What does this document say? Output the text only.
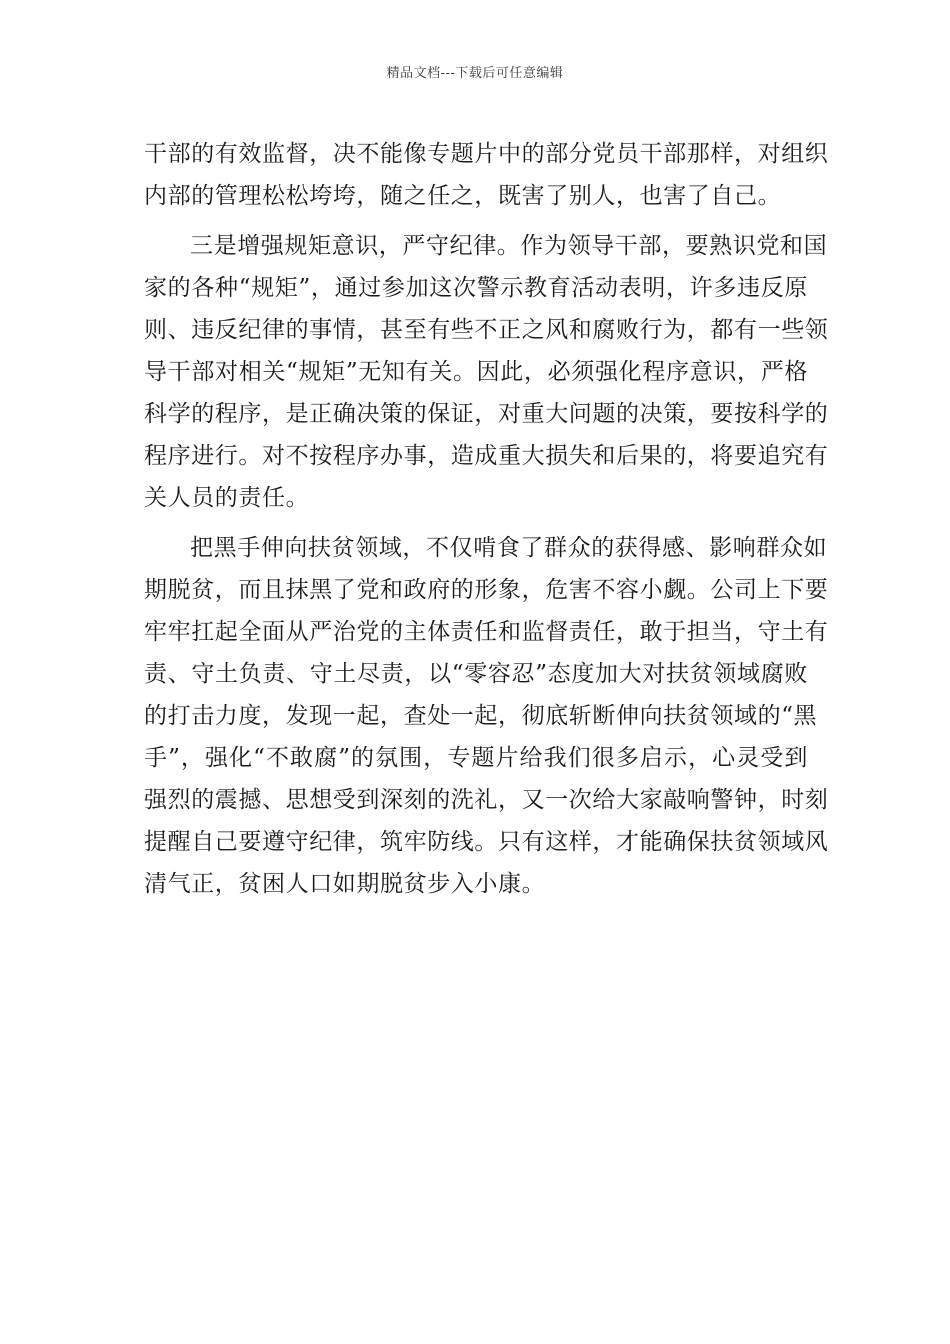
精品文档---下载后可任意编辑
干部的有效监督，决不能像专题片中的部分党员干部那样，对组织
内部的管理松松垮垮，随之任之，既害了别人，也害了自己。
三是增强规矩意识，严守纪律。作为领导干部，要熟识党和国
家的各种“规矩”，通过参加这次警示教育活动表明，许多违反原
则、违反纪律的事情，甚至有些不正之风和腐败行为，都有一些领
导干部对相关“规矩”无知有关。因此，必须强化程序意识，严格
科学的程序，是正确决策的保证，对重大问题的决策，要按科学的
程序进行。对不按程序办事，造成重大损失和后果的，将要追究有
关人员的责任。
把黑手伸向扶贫领域，不仅啃食了群众的获得感、影响群众如
期脱贫，而且抹黑了党和政府的形象，危害不容小觑。公司上下要
牢牢扛起全面从严治党的主体责任和监督责任，敢于担当，守土有
责、守土负责、守土尽责，以“零容忍”态度加大对扶贫领域腐败
的打击力度，发现一起，查处一起，彻底斩断伸向扶贫领域的“黑
手”，强化“不敢腐”的氛围，专题片给我们很多启示，心灵受到
强烈的震撼、思想受到深刻的洗礼，又一次给大家敲响警钟，时刻
提醒自己要遵守纪律，筑牢防线。只有这样，才能确保扶贫领域风
清气正，贫困人口如期脱贫步入小康。
